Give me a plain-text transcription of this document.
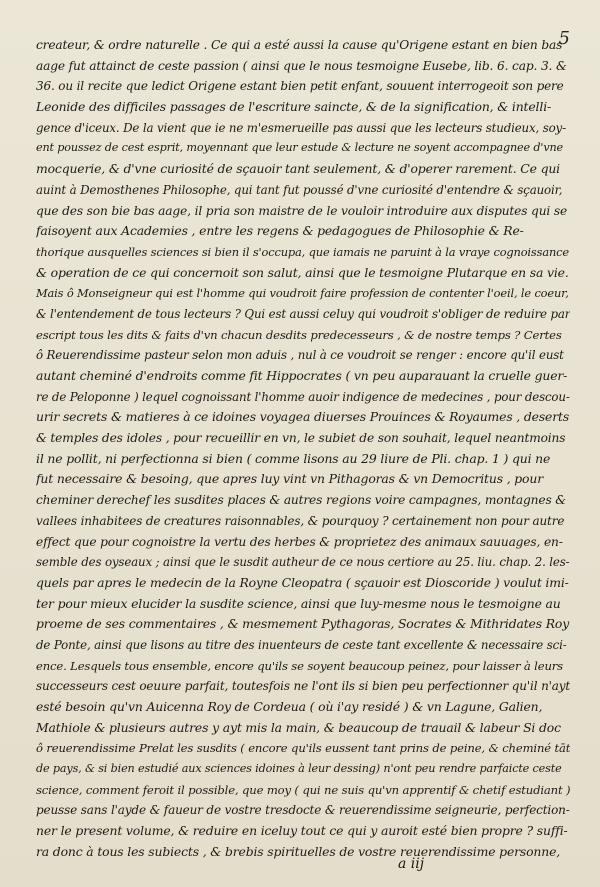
5
createur, & ordre naturelle . Ce qui a esté aussi la cause qu'Origene estant en bien bas
aage fut attainct de ceste passion ( ainsi que le nous tesmoigne Eusebe, lib. 6. cap. 3. &
36. ou il recite que ledict Origene estant bien petit enfant, souuent interrogeoit son pere
Leonide des difficiles passages de l'escriture saincte, & de la signification, & intelli-
gence d'iceux. De la vient que ie ne m'esmerueille pas aussi que les lecteurs studieux, soy-
ent poussez de cest esprit, moyennant que leur estude & lecture ne soyent accompagnee d'vne
mocquerie, & d'vne curiosité de sçauoir tant seulement, & d'operer rarement. Ce qui
auint à Demosthenes Philosophe, qui tant fut poussé d'vne curiosité d'entendre & sçauoir,
que des son bie bas aage, il pria son maistre de le vouloir introduire aux disputes qui se
faisoyent aux Academies , entre les regens & pedagogues de Philosophie & Re-
thorique ausquelles sciences si bien il s'occupa, que iamais ne paruint à la vraye cognoissance
& operation de ce qui concernoit son salut, ainsi que le tesmoigne Plutarque en sa vie.
Mais ô Monseigneur qui est l'homme qui voudroit faire profession de contenter l'oeil, le coeur,
& l'entendement de tous lecteurs ? Qui est aussi celuy qui voudroit s'obliger de reduire par
escript tous les dits & faits d'vn chacun desdits predecesseurs , & de nostre temps ? Certes
ô Reuerendissime pasteur selon mon aduis , nul à ce voudroit se renger : encore qu'il eust
autant cheminé d'endroits comme fit Hippocrates ( vn peu auparauant la cruelle guer-
re de Peloponne ) lequel cognoissant l'homme auoir indigence de medecines , pour descou-
urir secrets & matieres à ce idoines voyagea diuerses Prouinces & Royaumes , deserts
& temples des idoles , pour recueillir en vn, le subiet de son souhait, lequel neantmoins
il ne pollit, ni perfectionna si bien ( comme lisons au 29 liure de Pli. chap. 1 ) qui ne
fut necessaire & besoing, que apres luy vint vn Pithagoras & vn Democritus , pour
cheminer derechef les susdites places & autres regions voire campagnes, montagnes &
vallees inhabitees de creatures raisonnables, & pourquoy ? certainement non pour autre
effect que pour cognoistre la vertu des herbes & proprietez des animaux sauuages, en-
semble des oyseaux ; ainsi que le susdit autheur de ce nous certiore au 25. liu. chap. 2. les-
quels par apres le medecin de la Royne Cleopatra ( sçauoir est Dioscoride ) voulut imi-
ter pour mieux elucider la susdite science, ainsi que luy-mesme nous le tesmoigne au
proeme de ses commentaires , & mesmement Pythagoras, Socrates & Mithridates Roy
de Ponte, ainsi que lisons au titre des inuenteurs de ceste tant excellente & necessaire sci-
ence. Lesquels tous ensemble, encore qu'ils se soyent beaucoup peinez, pour laisser à leurs
successeurs cest oeuure parfait, toutesfois ne l'ont ils si bien peu perfectionner qu'il n'ayt
esté besoin qu'vn Auicenna Roy de Cordeua ( où i'ay residé ) & vn Lagune, Galien,
Mathiole & plusieurs autres y ayt mis la main, & beaucoup de trauail & labeur Si doc
ô reuerendissime Prelat les susdits ( encore qu'ils eussent tant prins de peine, & cheminé tāt
de pays, & si bien estudié aux sciences idoines à leur dessing) n'ont peu rendre parfaicte ceste
science, comment feroit il possible, que moy ( qui ne suis qu'vn apprentif & chetif estudiant )
peusse sans l'ayde & faueur de vostre tresdocte & reuerendissime seigneurie, perfection-
ner le present volume, & reduire en iceluy tout ce qui y auroit esté bien propre ? suffi-
ra donc à tous les subiects , & brebis spirituelles de vostre reuerendissime personne,
a iij
